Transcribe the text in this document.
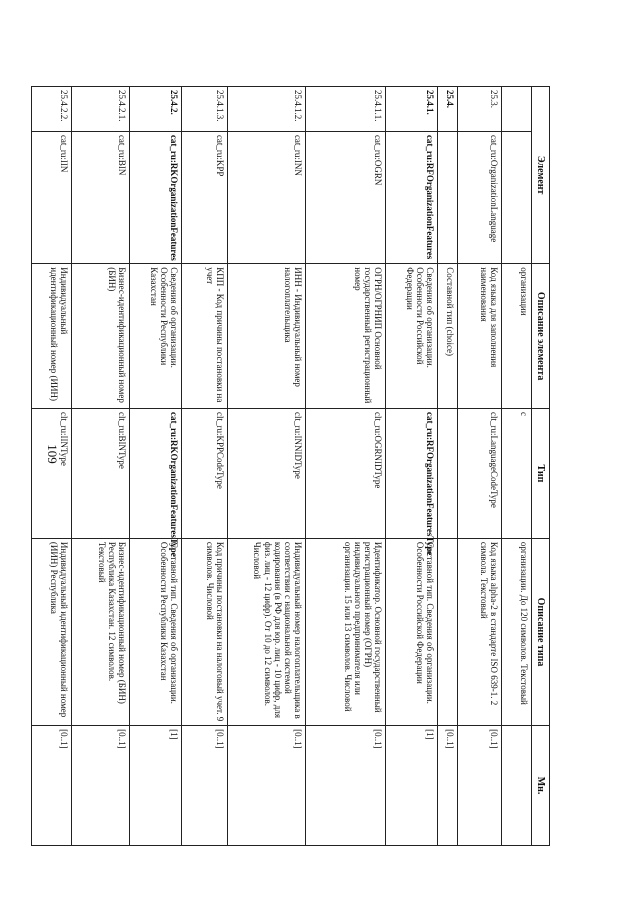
109
Элемент		Описание элемента	Тип	Описание типа	Мн.
		организации	c	организации. До 120 символов. Текстовый	
25.3.	cat_ru:OrganizationLanguage	Код языка для заполнения наименования	clt_ru:LanguageCodeType	Код языка alpha-2 в стандарте ISO 639-1. 2 символа. Текстовый	[0..1]
25.4.		Составной тип (choice)			[0..1]
25.4.1.	cat_ru:RFOrganizationFeatures	Сведения об организации. Особенности Российской Федерации	cat_ru:RFOrganizationFeaturesType	Составной тип. Сведения об организации. Особенности Российской Федерации	[1]
25.4.1.1.	cat_ru:OGRN	ОГРН/ОГРНИП Основной государственный регистрационный номер	clt_ru:OGRNIDType	Идентификатор. Основной государственный регистрационный номер (ОГРН) индивидуального предпринимателя или организации. 15 или 13 символов. Числовой	[0..1]
25.4.1.2.	cat_ru:INN	ИНН - Индивидуальный номер налогоплательщика	clt_ru:INNIDType	Индивидуальный номер налогоплательщика в соответствии с национальной системой кодирования (в РФ для юр. лиц - 10 цифр, для физ. лиц - 12 цифр). От 10 до 12 символов. Числовой	[0..1]
25.4.1.3.	cat_ru:KPP	КПП - Код причины постановки на учет	clt_ru:KPPCodeType	Код причины постановки на налоговый учет. 9 символов. Числовой	[0..1]
25.4.2.	cat_ru:RKOrganizationFeatures	Сведения об организации. Особенности Республики Казахстан	cat_ru:RKOrganizationFeaturesType	Составной тип. Сведения об организации. Особенности Республики Казахстан	[1]
25.4.2.1.	cat_ru:BIN	Бизнес-идентификационный номер (БИН)	clt_ru:BINType	Бизнес-идентификационный номер (БИН) Республика Казахстан. 12 символов. Текстовый	[0..1]
25.4.2.2.	cat_ru:IIN	Индивидуальный идентификационный номер (ИИН)	clt_ru:IINType	Индивидуальный идентификационный номер (ИИН) Республика	[0..1]
